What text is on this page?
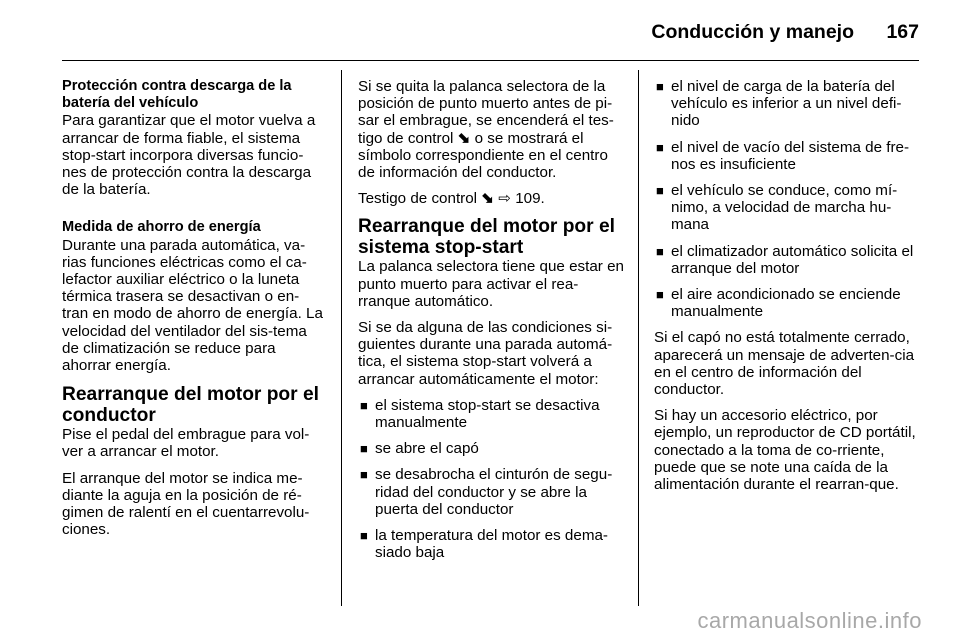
Conducción y manejo 167
Protección contra descarga de la batería del vehículo

Para garantizar que el motor vuelva a arrancar de forma fiable, el sistema stop-start incorpora diversas funcio-nes de protección contra la descarga de la batería.

Medida de ahorro de energía

Durante una parada automática, va-rias funciones eléctricas como el ca-lefactor auxiliar eléctrico o la luneta térmica trasera se desactivan o en-tran en modo de ahorro de energía. La velocidad del ventilador del sis-tema de climatización se reduce para ahorrar energía.

Rearranque del motor por el conductor

Pise el pedal del embrague para vol-ver a arrancar el motor.

El arranque del motor se indica me-diante la aguja en la posición de ré-gimen de ralentí en el cuentarrevolu-ciones.

Si se quita la palanca selectora de la posición de punto muerto antes de pi-sar el embrague, se encenderá el tes-tigo de control ⬊ o se mostrará el símbolo correspondiente en el centro de información del conductor.

Testigo de control ⬊ ⇨ 109.

Rearranque del motor por el sistema stop-start

La palanca selectora tiene que estar en punto muerto para activar el rea-rranque automático.

Si se da alguna de las condiciones si-guientes durante una parada automá-tica, el sistema stop-start volverá a arrancar automáticamente el motor:

■ el sistema stop-start se desactiva manualmente
■ se abre el capó
■ se desabrocha el cinturón de segu-ridad del conductor y se abre la puerta del conductor
■ la temperatura del motor es dema-siado baja
■ el nivel de carga de la batería del vehículo es inferior a un nivel defi-nido
■ el nivel de vacío del sistema de fre-nos es insuficiente
■ el vehículo se conduce, como mí-nimo, a velocidad de marcha hu-mana
■ el climatizador automático solicita el arranque del motor
■ el aire acondicionado se enciende manualmente

Si el capó no está totalmente cerrado, aparecerá un mensaje de adverten-cia en el centro de información del conductor.

Si hay un accesorio eléctrico, por ejemplo, un reproductor de CD portátil, conectado a la toma de co-rriente, puede que se note una caída de la alimentación durante el rearran-que.

carmanualsonline.info
